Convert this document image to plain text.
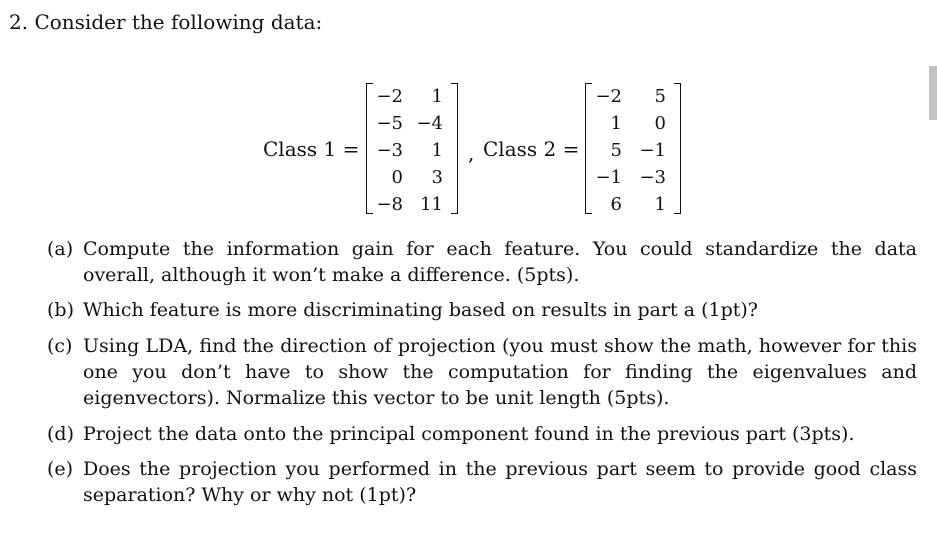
2. Consider the following data:
Class 1 =
−2	1
−5	−4
−3	1
0	3
−8	11
, Class 2 =
−2	5
1	0
5	−1
−1	−3
6	1
(a) Compute the information gain for each feature. You could standardize the data overall, although it won’t make a difference. (5pts).
(b) Which feature is more discriminating based on results in part a (1pt)?
(c) Using LDA, find the direction of projection (you must show the math, however for this one you don’t have to show the computation for finding the eigenvalues and eigenvectors). Normalize this vector to be unit length (5pts).
(d) Project the data onto the principal component found in the previous part (3pts).
(e) Does the projection you performed in the previous part seem to provide good class separation? Why or why not (1pt)?
